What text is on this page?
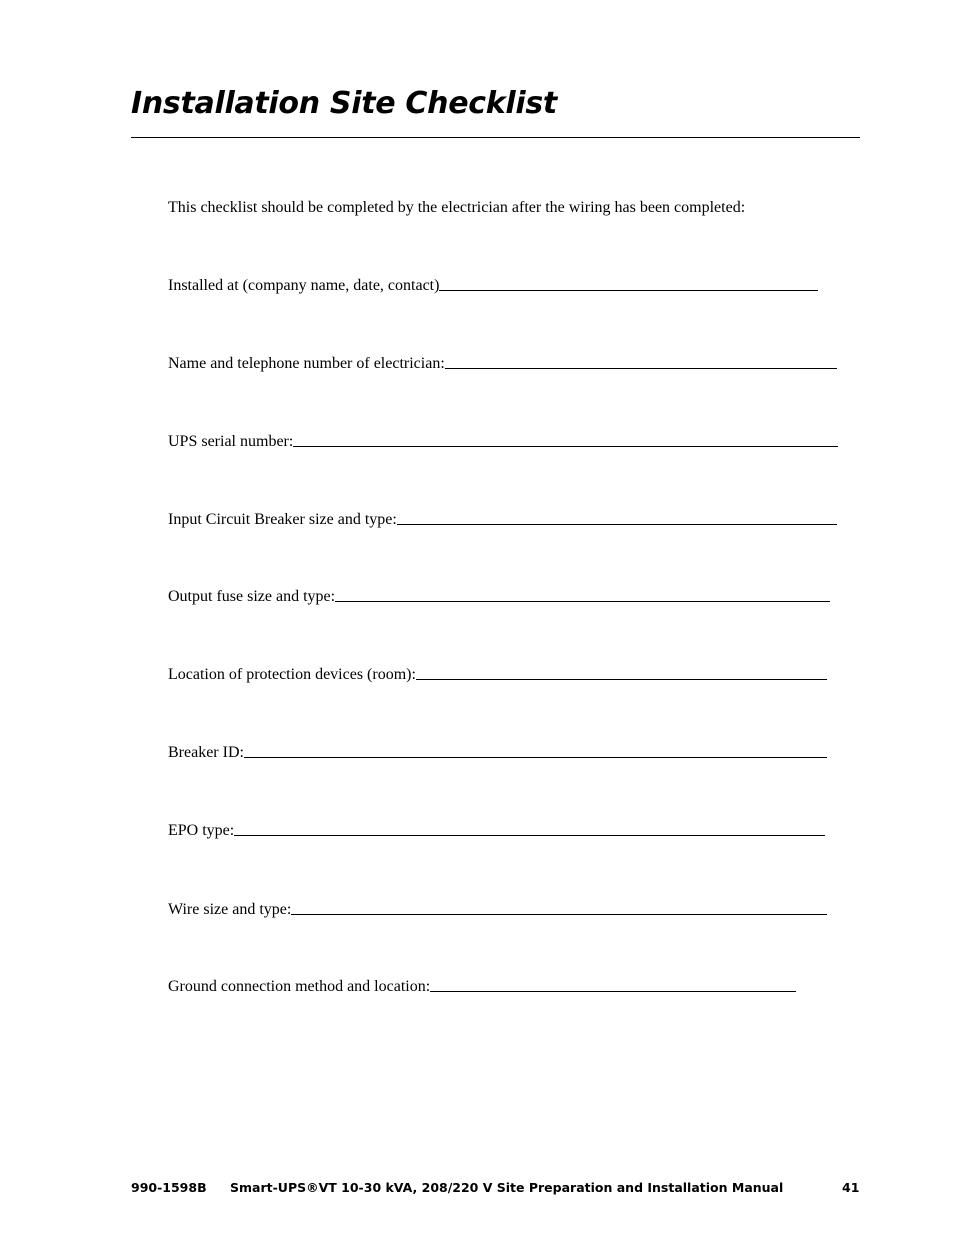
Installation Site Checklist

This checklist should be completed by the electrician after the wiring has been completed:

Installed at (company name, date, contact)
Name and telephone number of electrician:
UPS serial number:
Input Circuit Breaker size and type:
Output fuse size and type:
Location of protection devices (room):
Breaker ID:
EPO type:
Wire size and type:
Ground connection method and location:
990-1598B Smart-UPS®VT 10-30 kVA, 208/220 V Site Preparation and Installation Manual	41
